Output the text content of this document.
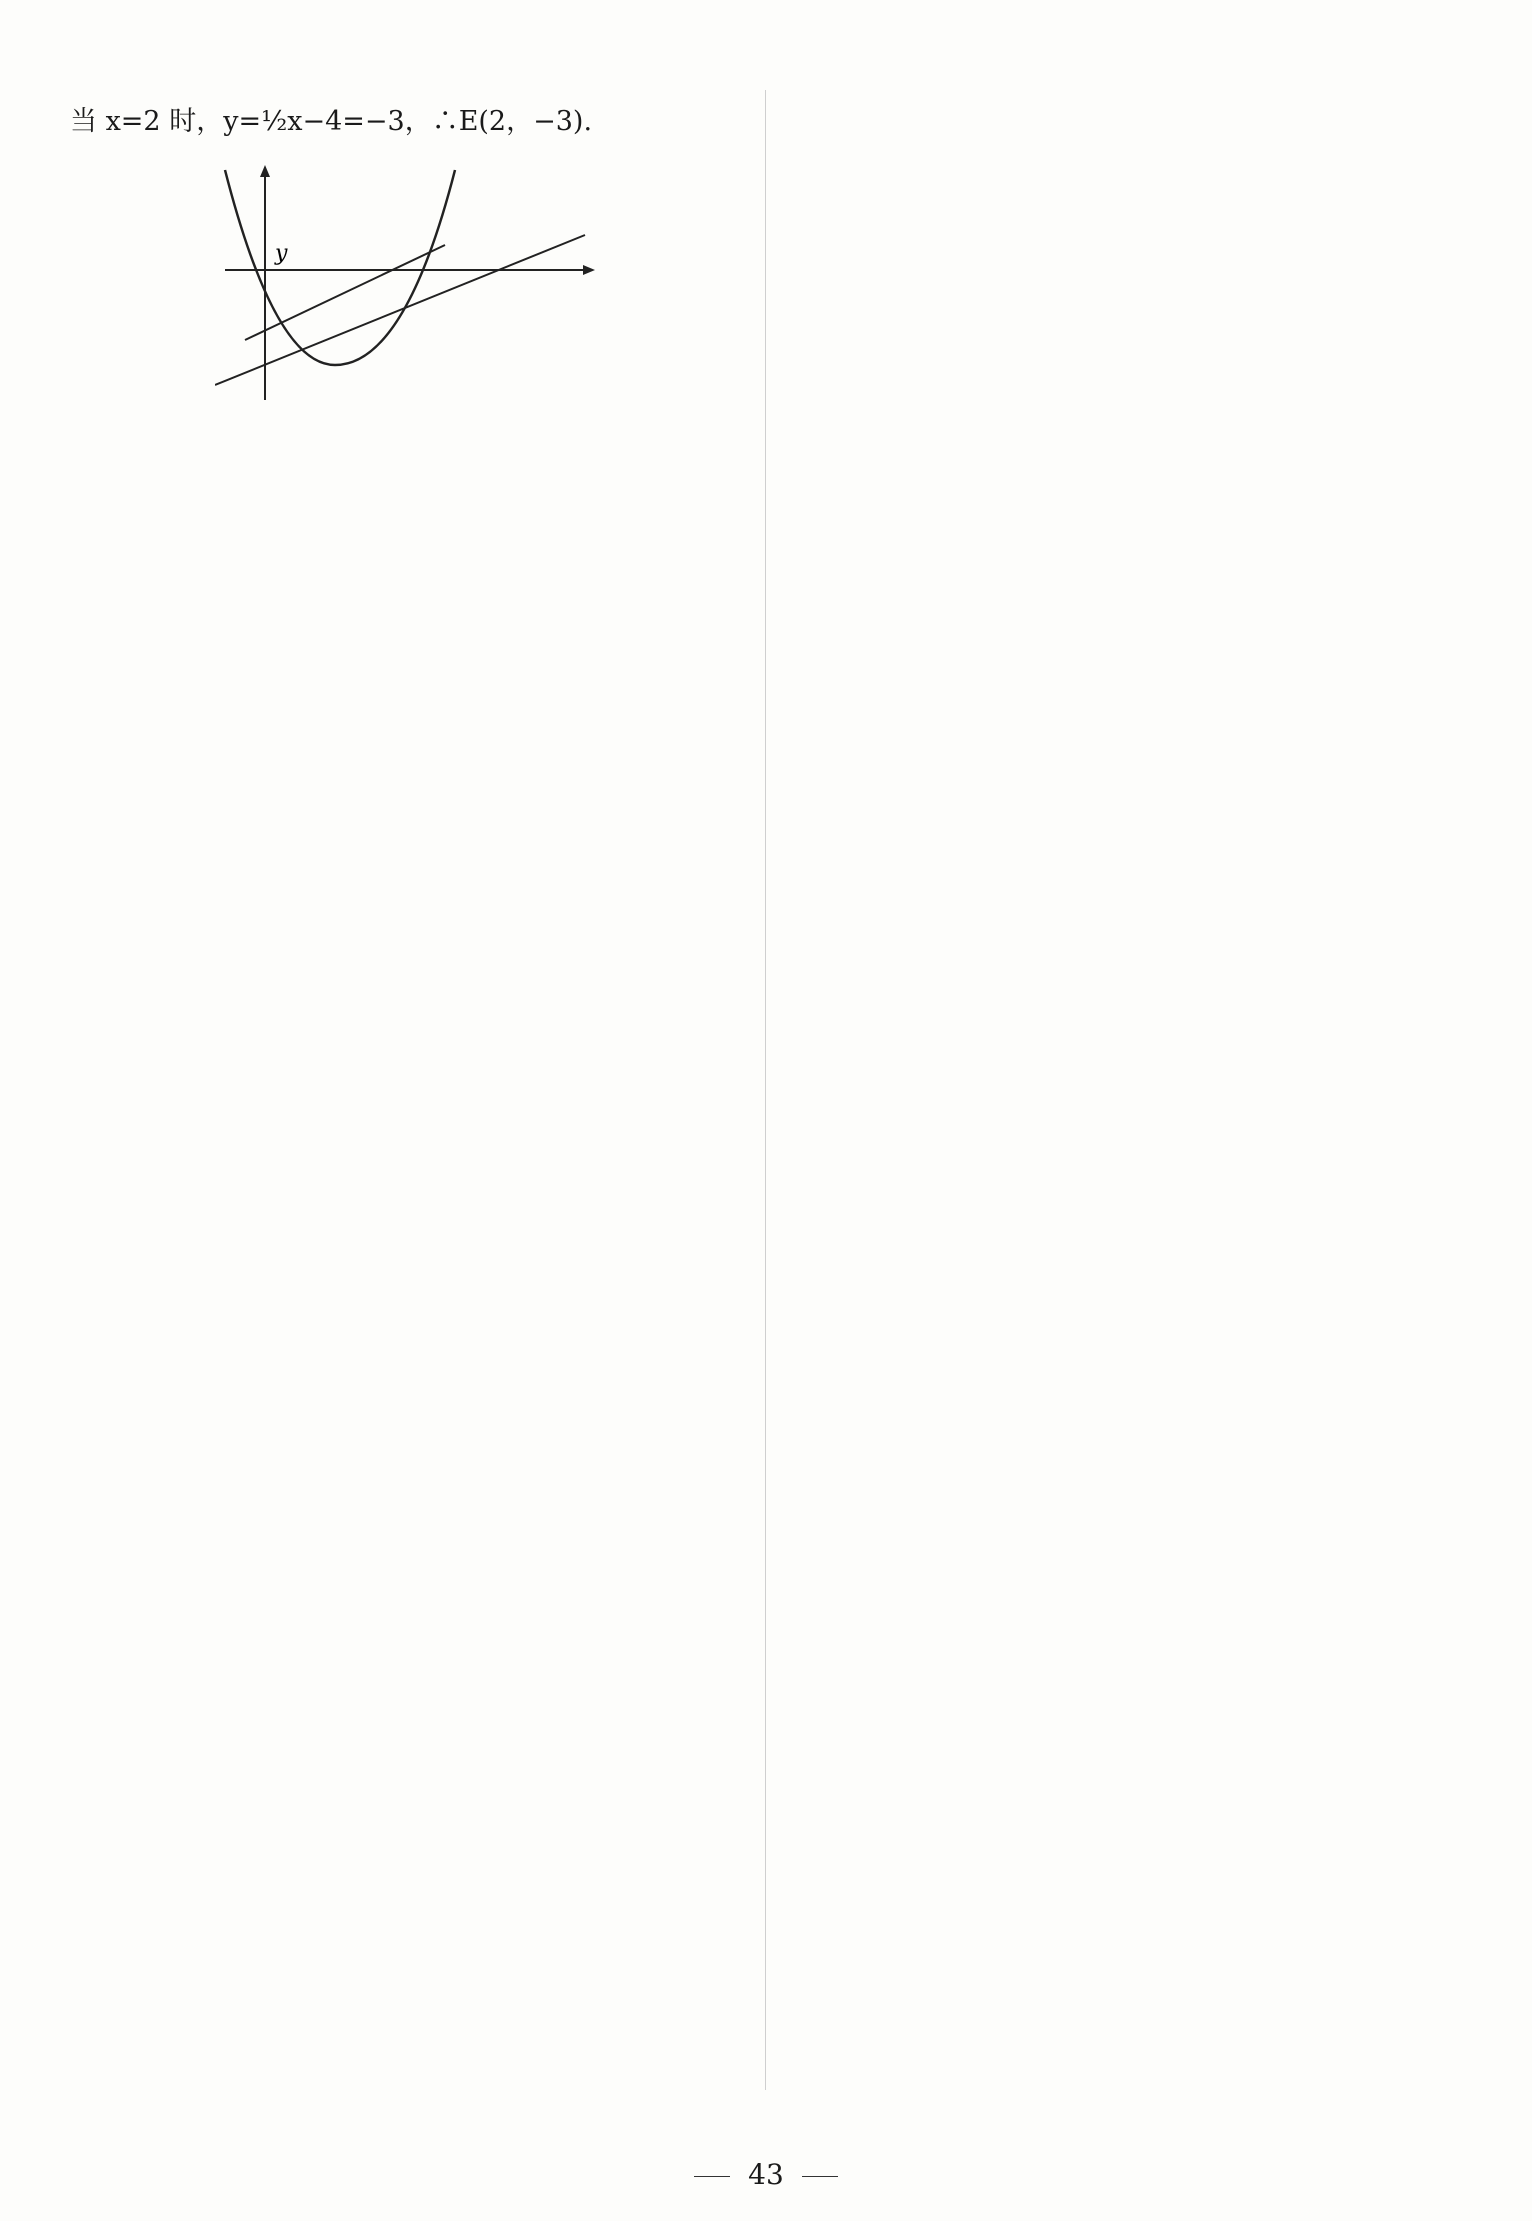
当 x=2 时，y=½x−4=−3，∴E(2，−3).
y
43
